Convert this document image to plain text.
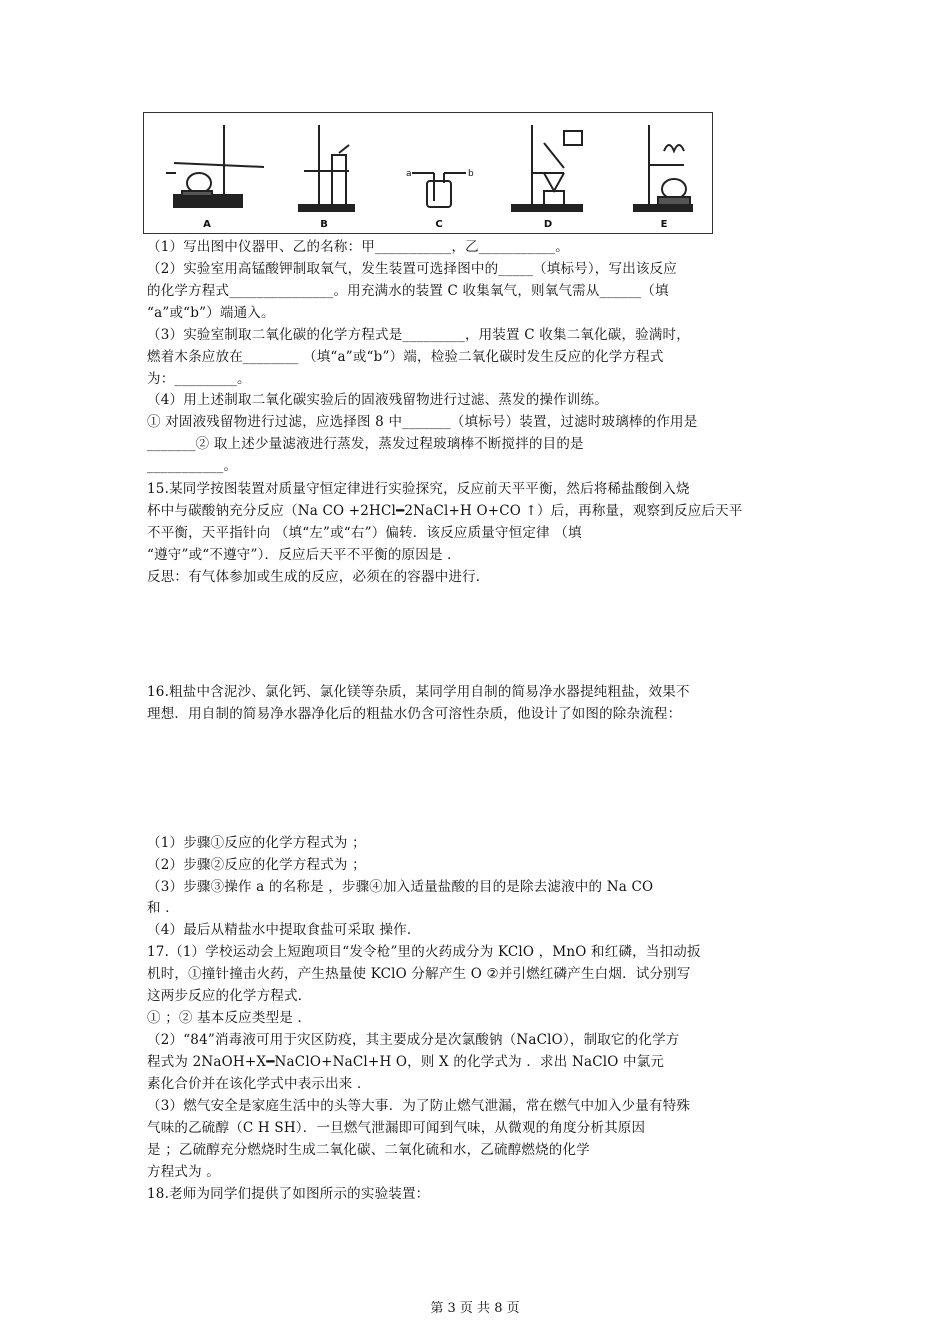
A	B	C	D	E
a	b
（1）写出图中仪器甲、乙的名称：甲___________，乙___________。
（2）实验室用高锰酸钾制取氧气，发生装置可选择图中的_____（填标号），写出该反应
的化学方程式_______________。用充满水的装置 C 收集氧气，则氧气需从______（填
“a”或“b”）端通入。
（3）实验室制取二氧化碳的化学方程式是_________，用装置 C 收集二氧化碳，验满时，
燃着木条应放在________ （填“a”或“b”）端，检验二氧化碳时发生反应的化学方程式
为：_________。
（4）用上述制取二氧化碳实验后的固液残留物进行过滤、蒸发的操作训练。
① 对固液残留物进行过滤，应选择图 8 中_______（填标号）装置，过滤时玻璃棒的作用是
_______② 取上述少量滤液进行蒸发，蒸发过程玻璃棒不断搅拌的目的是
___________。
15.某同学按图装置对质量守恒定律进行实验探究，反应前天平平衡，然后将稀盐酸倒入烧
杯中与碳酸钠充分反应（Na CO +2HCl━2NaCl+H O+CO ↑）后，再称量，观察到反应后天平
不平衡，天平指针向 （填“左”或“右”）偏转．该反应质量守恒定律 （填
“遵守”或“不遵守”）．反应后天平不平衡的原因是 ．
反思：有气体参加或生成的反应，必须在的容器中进行．
16.粗盐中含泥沙、氯化钙、氯化镁等杂质，某同学用自制的简易净水器提纯粗盐，效果不
理想．用自制的简易净水器净化后的粗盐水仍含可溶性杂质，他设计了如图的除杂流程：
（1）步骤①反应的化学方程式为 ；
（2）步骤②反应的化学方程式为 ；
（3）步骤③操作 a 的名称是 ，步骤④加入适量盐酸的目的是除去滤液中的 Na CO
和 ．
（4）最后从精盐水中提取食盐可采取 操作．
17.（1）学校运动会上短跑项目“发令枪”里的火药成分为 KClO ，MnO 和红磷，当扣动扳
机时，①撞针撞击火药，产生热量使 KClO 分解产生 O ②并引燃红磷产生白烟．试分别写
这两步反应的化学方程式．
① ；② 基本反应类型是 ．
（2）“84”消毒液可用于灾区防疫，其主要成分是次氯酸钠（NaClO），制取它的化学方
程式为 2NaOH+X━NaClO+NaCl+H O，则 X 的化学式为 ．求出 NaClO 中氯元
素化合价并在该化学式中表示出来 ．
（3）燃气安全是家庭生活中的头等大事．为了防止燃气泄漏，常在燃气中加入少量有特殊
气味的乙硫醇（C H SH）．一旦燃气泄漏即可闻到气味，从微观的角度分析其原因
是 ；乙硫醇充分燃烧时生成二氧化碳、二氧化硫和水，乙硫醇燃烧的化学
方程式为 。
18.老师为同学们提供了如图所示的实验装置：
第 3 页 共 8 页
